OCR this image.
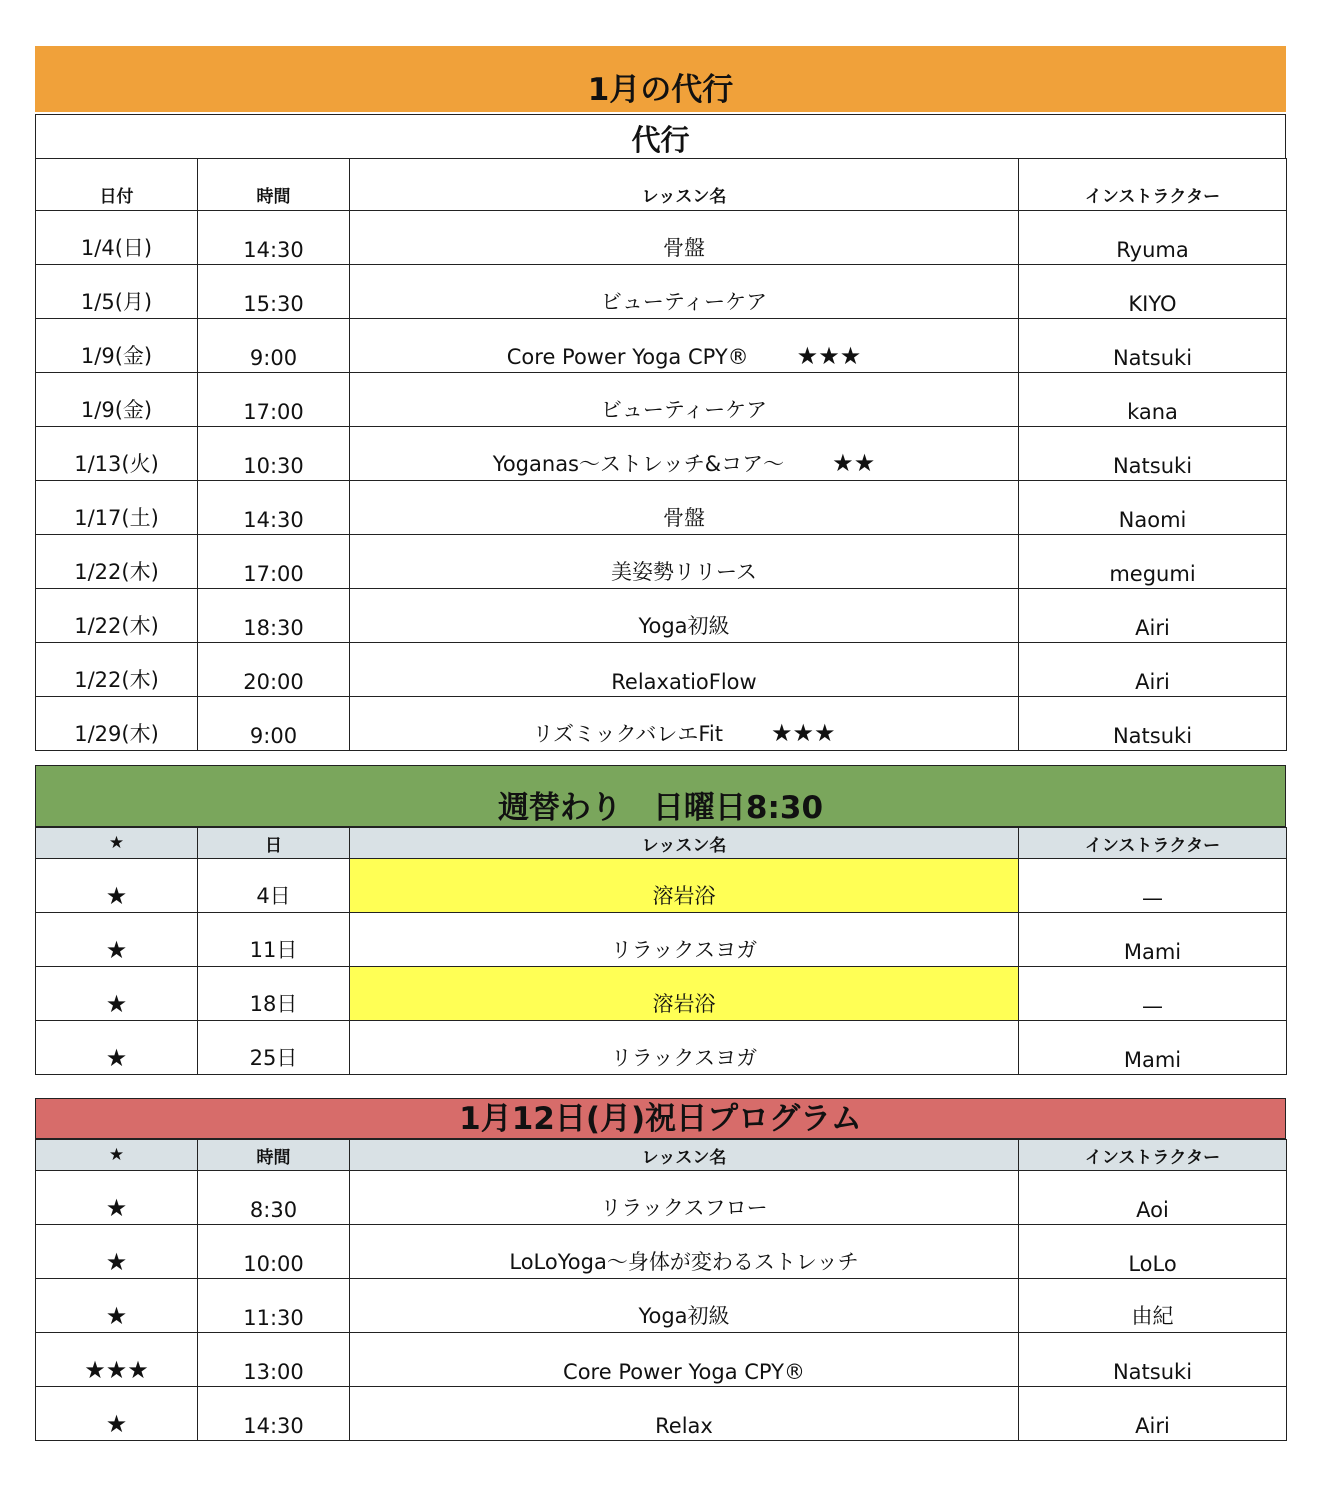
1月の代行
代行
日付	時間	レッスン名	インストラクター
1/4(日)	14:30	骨盤	Ryuma
1/5(月)	15:30	ビューティーケア	KIYO
1/9(金)	9:00	Core Power Yoga CPY® ★★★	Natsuki
1/9(金)	17:00	ビューティーケア	kana
1/13(火)	10:30	Yoganas～ストレッチ&コア～ ★★	Natsuki
1/17(土)	14:30	骨盤	Naomi
1/22(木)	17:00	美姿勢リリース	megumi
1/22(木)	18:30	Yoga初級	Airi
1/22(木)	20:00	RelaxatioFlow	Airi
1/29(木)	9:00	リズミックバレエFit ★★★	Natsuki
週替わり　日曜日8:30
★	日	レッスン名	インストラクター
★	4日	溶岩浴	—
★	11日	リラックスヨガ	Mami
★	18日	溶岩浴	—
★	25日	リラックスヨガ	Mami
1月12日(月)祝日プログラム
★	時間	レッスン名	インストラクター
★	8:30	リラックスフロー	Aoi
★	10:00	LoLoYoga～身体が変わるストレッチ	LoLo
★	11:30	Yoga初級	由紀
★★★	13:00	Core Power Yoga CPY®	Natsuki
★	14:30	Relax	Airi
